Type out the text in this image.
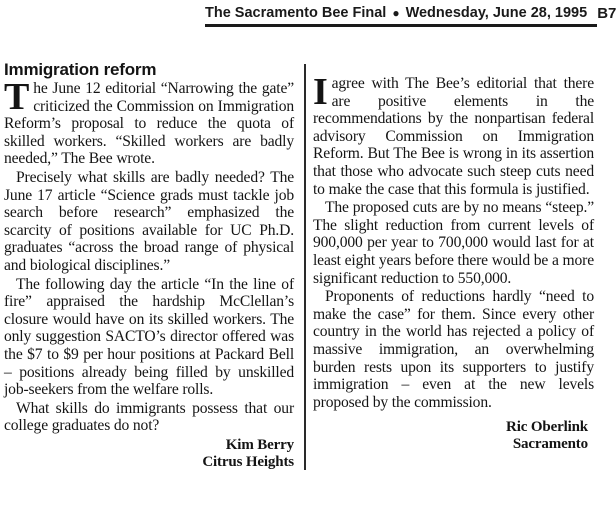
The Sacramento Bee Final ● Wednesday, June 28, 1995 B7
Immigration reform

The June 12 editorial “Narrowing the gate” criticized the Commission on Immigration Reform’s proposal to reduce the quota of skilled workers. “Skilled workers are badly needed,” The Bee wrote.

Precisely what skills are badly needed? The June 17 article “Science grads must tackle job search before research” emphasized the scarcity of positions available for UC Ph.D. graduates “across the broad range of physical and biological disciplines.”

The following day the article “In the line of fire” appraised the hardship McClellan’s closure would have on its skilled workers. The only suggestion SACTO’s director offered was the $7 to $9 per hour positions at Packard Bell – positions already being filled by unskilled job-seekers from the welfare rolls.

What skills do immigrants possess that our college graduates do not?

Kim Berry
Citrus Heights

Iagree with The Bee’s editorial that there are positive elements in the recommendations by the nonpartisan federal advisory Commission on Immigration Reform. But The Bee is wrong in its assertion that those who advocate such steep cuts need to make the case that this formula is justified.

The proposed cuts are by no means “steep.” The slight reduction from current levels of 900,000 per year to 700,000 would last for at least eight years before there would be a more significant reduction to 550,000.

Proponents of reductions hardly “need to make the case” for them. Since every other country in the world has rejected a policy of massive immigration, an overwhelming burden rests upon its supporters to justify immigration – even at the new levels proposed by the commission.

Ric Oberlink
Sacramento
